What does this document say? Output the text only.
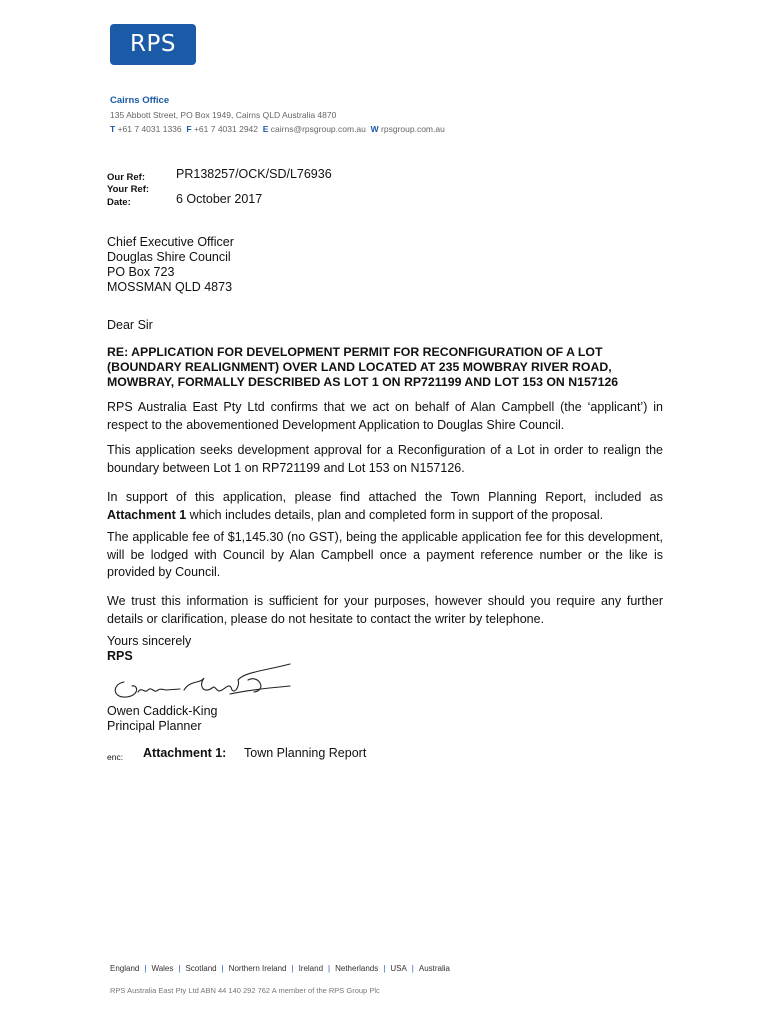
RPS
Cairns Office
135 Abbott Street, PO Box 1949, Cairns QLD Australia 4870
T +61 7 4031 1336 F +61 7 4031 2942 E cairns@rpsgroup.com.au W rpsgroup.com.au
Our Ref: PR138257/OCK/SD/L76936
Your Ref:
Date:	6 October 2017
Chief Executive Officer
Douglas Shire Council
PO Box 723
MOSSMAN QLD 4873
Dear Sir
RE: APPLICATION FOR DEVELOPMENT PERMIT FOR RECONFIGURATION OF A LOT (BOUNDARY REALIGNMENT) OVER LAND LOCATED AT 235 MOWBRAY RIVER ROAD, MOWBRAY, FORMALLY DESCRIBED AS LOT 1 ON RP721199 AND LOT 153 ON N157126
RPS Australia East Pty Ltd confirms that we act on behalf of Alan Campbell (the ‘applicant’) in respect to the abovementioned Development Application to Douglas Shire Council.
This application seeks development approval for a Reconfiguration of a Lot in order to realign the boundary between Lot 1 on RP721199 and Lot 153 on N157126.
In support of this application, please find attached the Town Planning Report, included as Attachment 1 which includes details, plan and completed form in support of the proposal.
The applicable fee of $1,145.30 (no GST), being the applicable application fee for this development, will be lodged with Council by Alan Campbell once a payment reference number or the like is provided by Council.
We trust this information is sufficient for your purposes, however should you require any further details or clarification, please do not hesitate to contact the writer by telephone.
Yours sincerely
RPS
Owen Caddick-King
Principal Planner
enc: Attachment 1: Town Planning Report
England | Wales | Scotland | Northern Ireland | Ireland | Netherlands | USA | Australia
RPS Australia East Pty Ltd ABN 44 140 292 762 A member of the RPS Group Plc
